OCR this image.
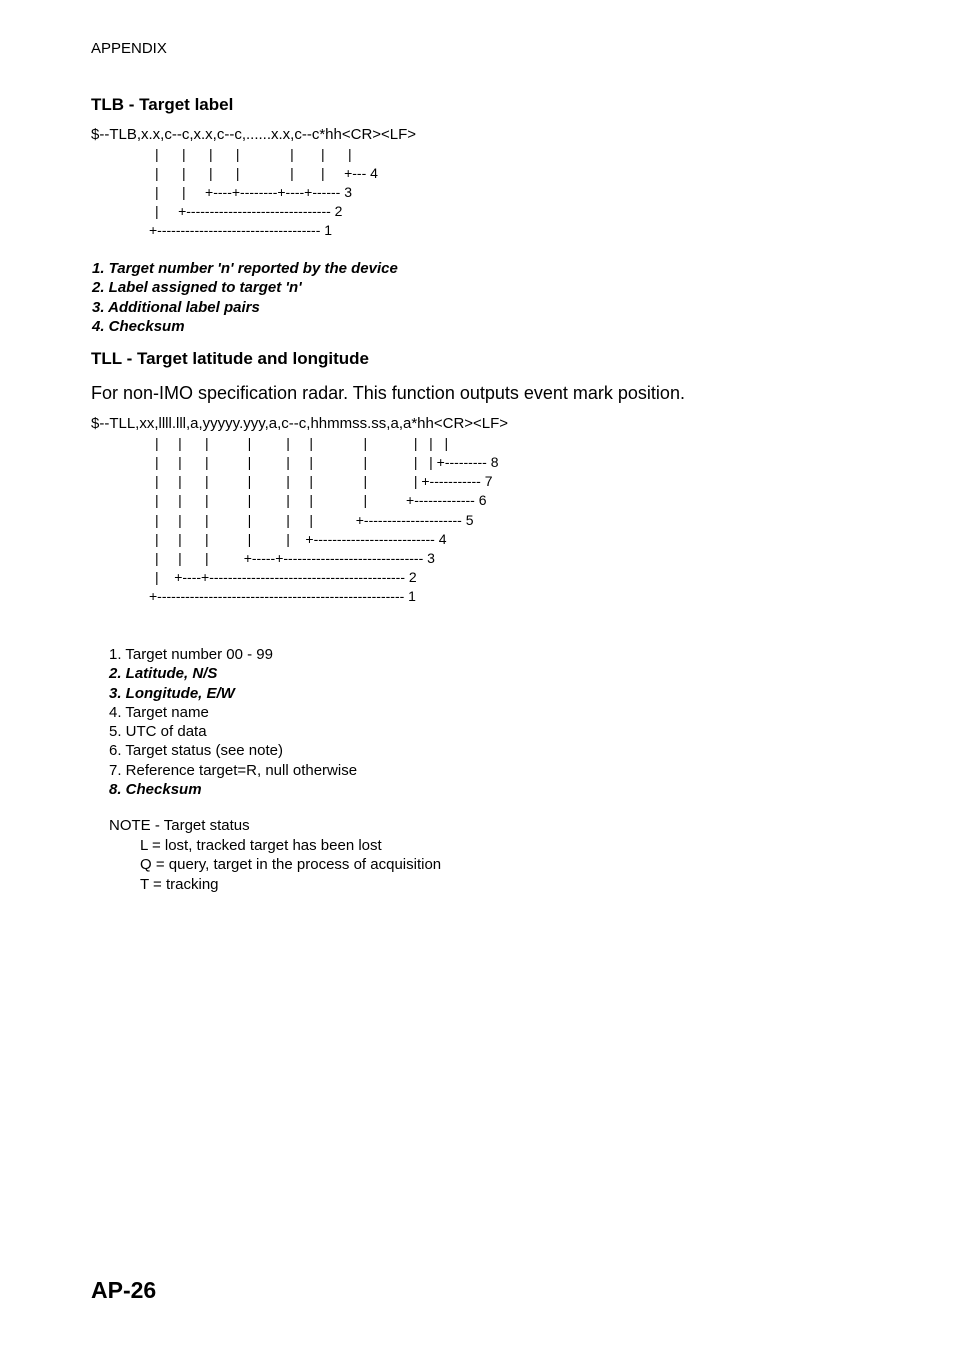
APPENDIX
TLB - Target label
$--TLB,x.x,c--c,x.x,c--c,......x.x,c--c*hh<CR><LF>
|      |      |      |             |       |      |
|      |      |      |             |       |     +--- 4
|      |     +----+--------+----+------ 3
|     +------------------------------- 2
+----------------------------------- 1
1. Target number 'n' reported by the device
2. Label assigned to target 'n'
3. Additional label pairs
4. Checksum
TLL - Target latitude and longitude
For non-IMO specification radar. This function outputs event mark position.
$--TLL,xx,llll.lll,a,yyyyy.yyy,a,c--c,hhmmss.ss,a,a*hh<CR><LF>
|     |      |          |         |     |             |            |   |   |
|     |      |          |         |     |             |            |   | +--------- 8
|     |      |          |         |     |             |            | +----------- 7
|     |      |          |         |     |             |          +------------- 6
|     |      |          |         |     |           +--------------------- 5
|     |      |          |         |    +-------------------------- 4
|     |      |         +-----+------------------------------ 3
|    +----+------------------------------------------ 2
+----------------------------------------------------- 1
1. Target number 00 - 99
2. Latitude, N/S
3. Longitude, E/W
4. Target name
5. UTC of data
6. Target status (see note)
7. Reference target=R, null otherwise
8. Checksum
NOTE - Target status
L = lost, tracked target has been lost
Q = query, target in the process of acquisition
T = tracking
AP-26
